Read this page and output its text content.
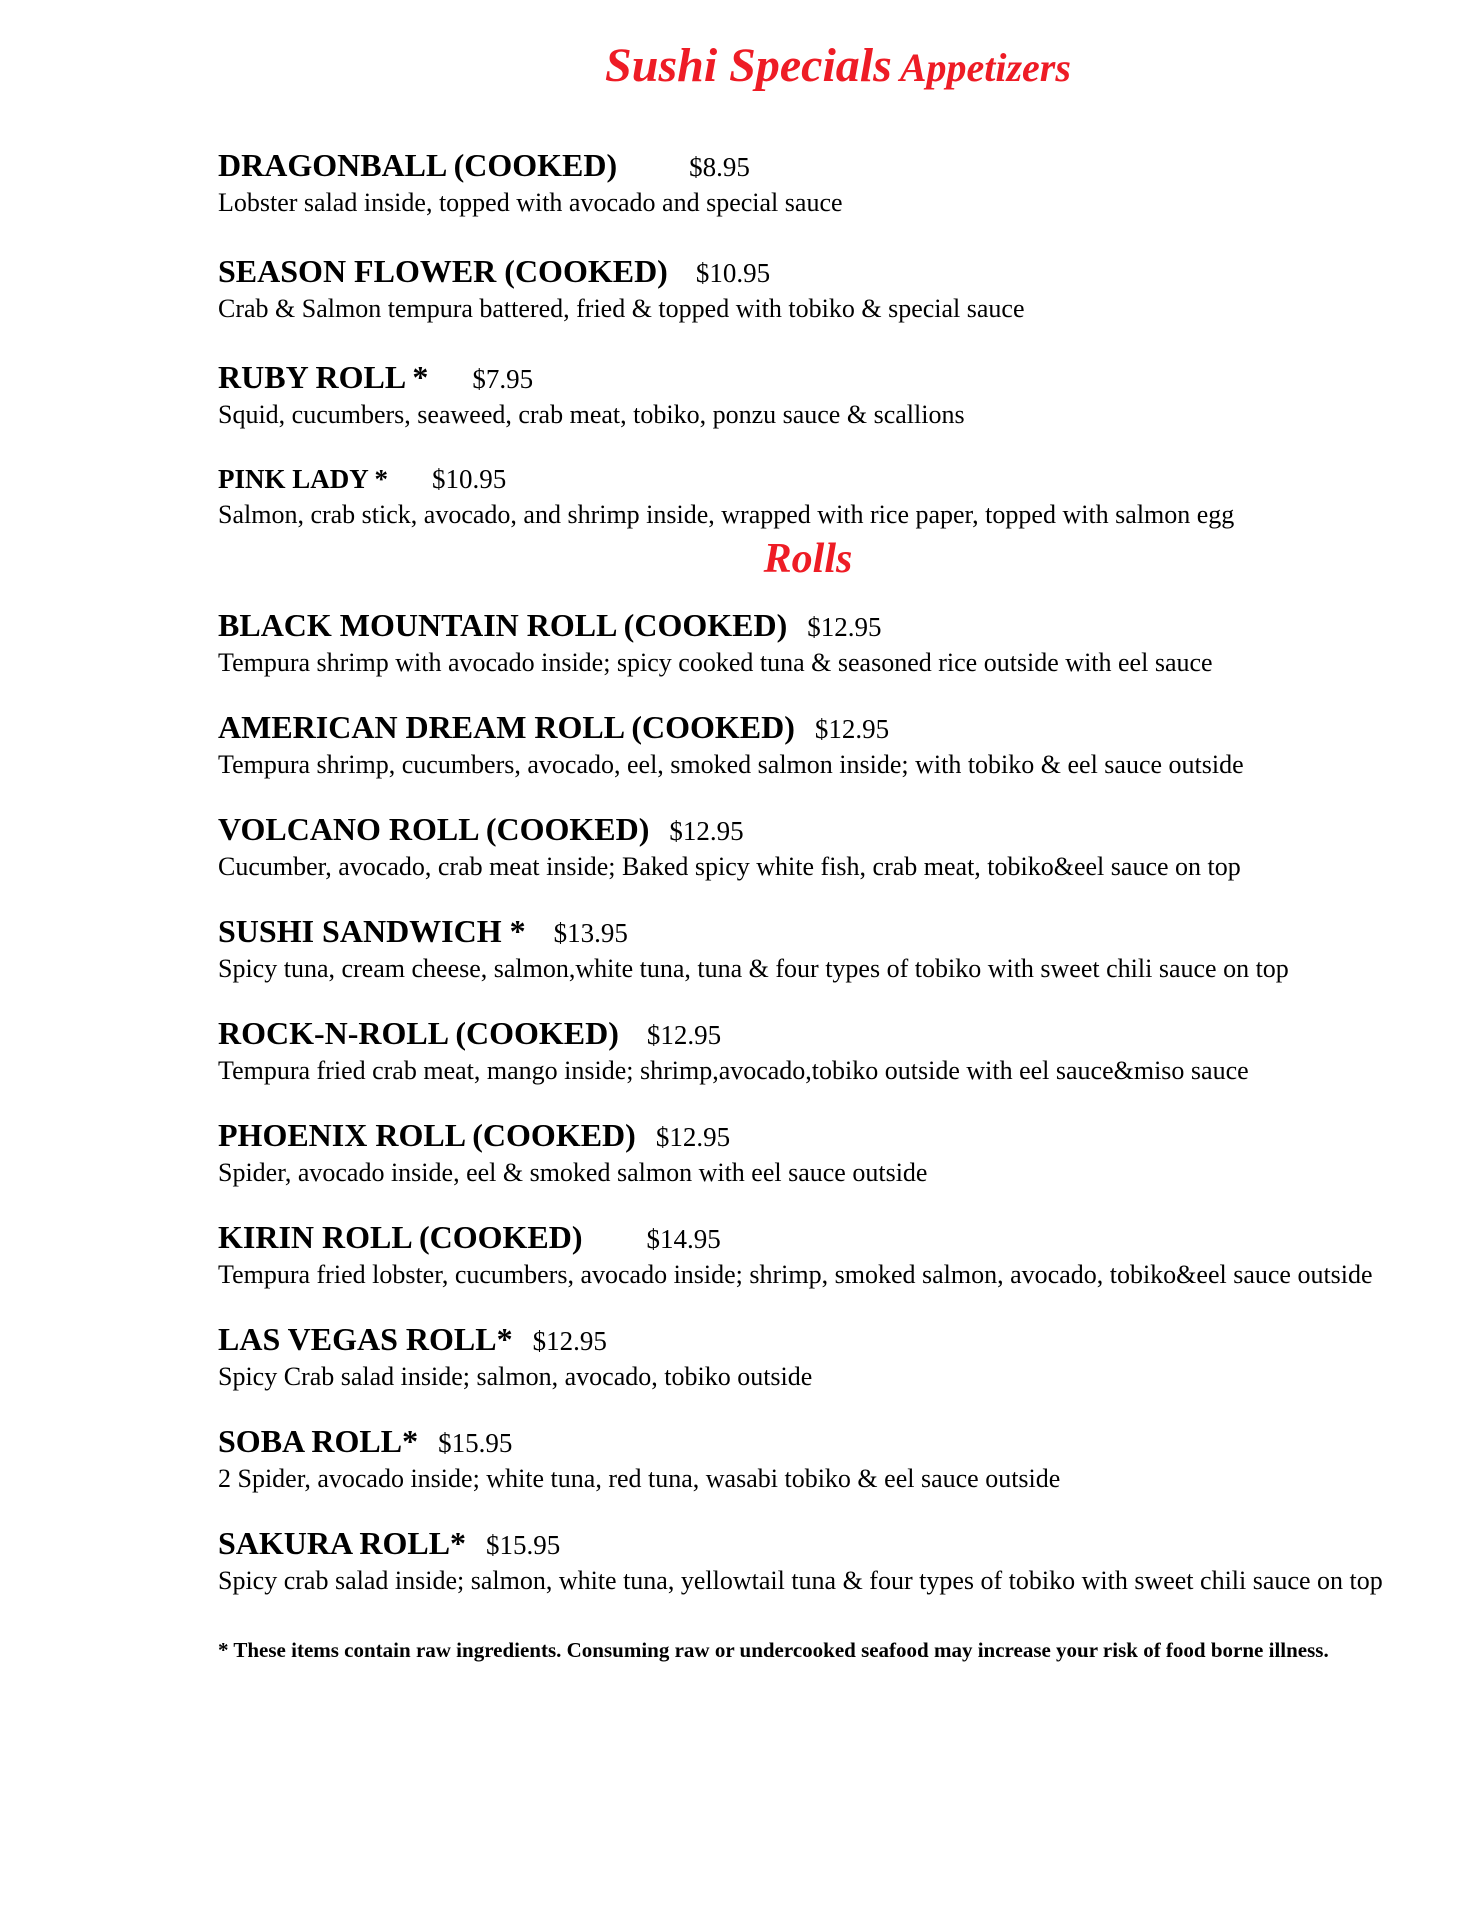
Sushi Specials Appetizers
DRAGONBALL (COOKED)	$8.95
Lobster salad inside, topped with avocado and special sauce
SEASON FLOWER (COOKED) $10.95
Crab & Salmon tempura battered, fried & topped with tobiko & special sauce
RUBY ROLL * $7.95
Squid, cucumbers, seaweed, crab meat, tobiko, ponzu sauce & scallions
PINK LADY * $10.95
Salmon, crab stick, avocado, and shrimp inside, wrapped with rice paper, topped with salmon egg
Rolls
BLACK MOUNTAIN ROLL (COOKED) $12.95
Tempura shrimp with avocado inside; spicy cooked tuna & seasoned rice outside with eel sauce
AMERICAN DREAM ROLL (COOKED) $12.95
Tempura shrimp, cucumbers, avocado, eel, smoked salmon inside; with tobiko & eel sauce outside
VOLCANO ROLL (COOKED) $12.95
Cucumber, avocado, crab meat inside; Baked spicy white fish, crab meat, tobiko&eel sauce on top
SUSHI SANDWICH * $13.95
Spicy tuna, cream cheese, salmon,white tuna, tuna & four types of tobiko with sweet chili sauce on top
ROCK-N-ROLL (COOKED) $12.95
Tempura fried crab meat, mango inside; shrimp,avocado,tobiko outside with eel sauce&miso sauce
PHOENIX ROLL (COOKED) $12.95
Spider, avocado inside, eel & smoked salmon with eel sauce outside
KIRIN ROLL (COOKED) $14.95
Tempura fried lobster, cucumbers, avocado inside; shrimp, smoked salmon, avocado, tobiko&eel sauce outside
LAS VEGAS ROLL* $12.95
Spicy Crab salad inside; salmon, avocado, tobiko outside
SOBA ROLL* $15.95
2 Spider, avocado inside; white tuna, red tuna, wasabi tobiko & eel sauce outside
SAKURA ROLL* $15.95
Spicy crab salad inside; salmon, white tuna, yellowtail tuna & four types of tobiko with sweet chili sauce on top
* These items contain raw ingredients. Consuming raw or undercooked seafood may increase your risk of food borne illness.
